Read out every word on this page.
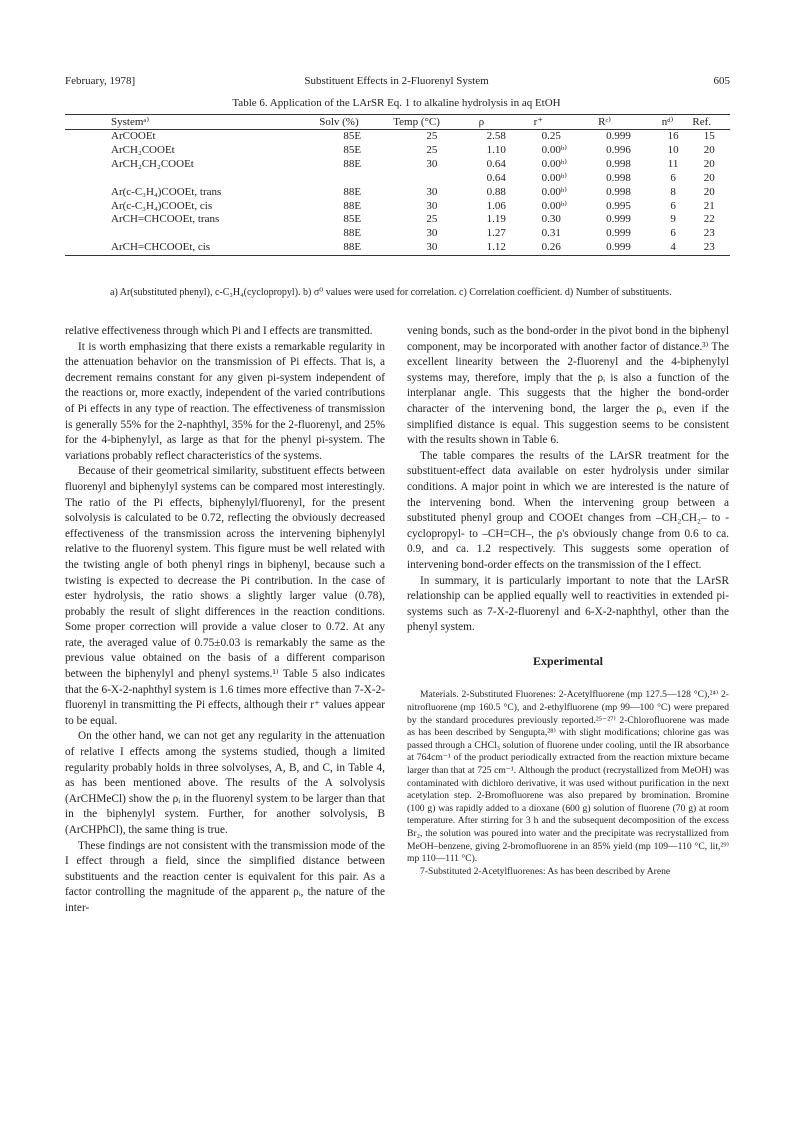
February, 1978]	Substituent Effects in 2-Fluorenyl System	605
Table 6. Application of the LArSR Eq. 1 to alkaline hydrolysis in aq EtOH
Systemᵃ⁾	Solv (%)	Temp (°C)	ρ	r⁺	Rᶜ⁾	nᵈ⁾	Ref.
ArCOOEt	85E	25	2.58	0.25	0.999	16	15
ArCH₂COOEt	85E	25	1.10	0.00ᵇ⁾	0.996	10	20
ArCH₂CH₂COOEt	88E	30	0.64	0.00ᵇ⁾	0.998	11	20
			0.64	0.00ᵇ⁾	0.998	6	20
Ar(c-C₃H₄)COOEt, trans	88E	30	0.88	0.00ᵇ⁾	0.998	8	20
Ar(c-C₃H₄)COOEt, cis	88E	30	1.06	0.00ᵇ⁾	0.995	6	21
ArCH=CHCOOEt, trans	85E	25	1.19	0.30	0.999	9	22
	88E	30	1.27	0.31	0.999	6	23
ArCH=CHCOOEt, cis	88E	30	1.12	0.26	0.999	4	23
a) Ar(substituted phenyl), c-C₃H₄(cyclopropyl). b) σ⁰ values were used for correlation. c) Correlation coefficient. d) Number of substituents.

relative effectiveness through which Pi and I effects are transmitted.

It is worth emphasizing that there exists a remarkable regularity in the attenuation behavior on the transmission of Pi effects. That is, a decrement remains constant for any given pi-system independent of the reactions or, more exactly, independent of the varied contributions of Pi effects in any type of reaction. The effectiveness of transmission is generally 55% for the 2-naphthyl, 35% for the 2-fluorenyl, and 25% for the 4-biphenylyl, as large as that for the phenyl pi-system. The variations probably reflect characteristics of the systems.

Because of their geometrical similarity, substituent effects between fluorenyl and biphenylyl systems can be compared most interestingly. The ratio of the Pi effects, biphenylyl/fluorenyl, for the present solvolysis is calculated to be 0.72, reflecting the obviously decreased effectiveness of the transmission across the intervening biphenylyl relative to the fluorenyl system. This figure must be well related with the twisting angle of both phenyl rings in biphenyl, because such a twisting is expected to decrease the Pi contribution. In the case of ester hydrolysis, the ratio shows a slightly larger value (0.78), probably the result of slight differences in the reaction conditions. Some proper correction will provide a value closer to 0.72. At any rate, the averaged value of 0.75±0.03 is remarkably the same as the previous value obtained on the basis of a different comparison between the biphenylyl and phenyl systems.¹⁾ Table 5 also indicates that the 6-X-2-naphthyl system is 1.6 times more effective than 7-X-2-fluorenyl in transmitting the Pi effects, although their r⁺ values appear to be equal.

On the other hand, we can not get any regularity in the attenuation of relative I effects among the systems studied, though a limited regularity probably holds in three solvolyses, A, B, and C, in Table 4, as has been mentioned above. The results of the A solvolysis (ArCHMeCl) show the ρᵢ in the fluorenyl system to be larger than that in the biphenylyl system. Further, for another solvolysis, B (ArCHPhCl), the same thing is true.

These findings are not consistent with the transmission mode of the I effect through a field, since the simplified distance between substituents and the reaction center is equivalent for this pair. As a factor controlling the magnitude of the apparent ρᵢ, the nature of the inter-

vening bonds, such as the bond-order in the pivot bond in the biphenyl component, may be incorporated with another factor of distance.³⁾ The excellent linearity between the 2-fluorenyl and the 4-biphenylyl systems may, therefore, imply that the ρᵢ is also a function of the interplanar angle. This suggests that the higher the bond-order character of the intervening bond, the larger the ρᵢ, even if the simplified distance is equal. This suggestion seems to be consistent with the results shown in Table 6.

The table compares the results of the LArSR treatment for the substituent-effect data available on ester hydrolysis under similar conditions. A major point in which we are interested is the nature of the intervening bond. When the intervening group between a substituted phenyl group and COOEt changes from –CH₂CH₂– to -cyclopropyl- to –CH=CH–, the ρ's obviously change from 0.6 to ca. 0.9, and ca. 1.2 respectively. This suggests some operation of intervening bond-order effects on the transmission of the I effect.

In summary, it is particularly important to note that the LArSR relationship can be applied equally well to reactivities in extended pi-systems such as 7-X-2-fluorenyl and 6-X-2-naphthyl, other than the phenyl system.

Experimental

Materials. 2-Substituted Fluorenes: 2-Acetylfluorene (mp 127.5—128 °C),²⁴⁾ 2-nitrofluorene (mp 160.5 °C), and 2-ethylfluorene (mp 99—100 °C) were prepared by the standard procedures previously reported.²⁵⁻²⁷⁾ 2-Chlorofluorene was made as has been described by Sengupta,²⁸⁾ with slight modifications; chlorine gas was passed through a CHCl₃ solution of fluorene under cooling, until the IR absorbance at 764cm⁻¹ of the product periodically extracted from the reaction mixture became larger than that at 725 cm⁻¹. Although the product (recrystallized from MeOH) was contaminated with dichloro derivative, it was used without purification in the next acetylation step. 2-Bromofluorene was also prepared by bromination. Bromine (100 g) was rapidly added to a dioxane (600 g) solution of fluorene (70 g) at room temperature. After stirring for 3 h and the subsequent decomposition of the excess Br₂, the solution was poured into water and the precipitate was recrystallized from MeOH–benzene, giving 2-bromofluorene in an 85% yield (mp 109—110 °C, lit,²⁹⁾ mp 110—111 °C).

7-Substituted 2-Acetylfluorenes: As has been described by Arene
